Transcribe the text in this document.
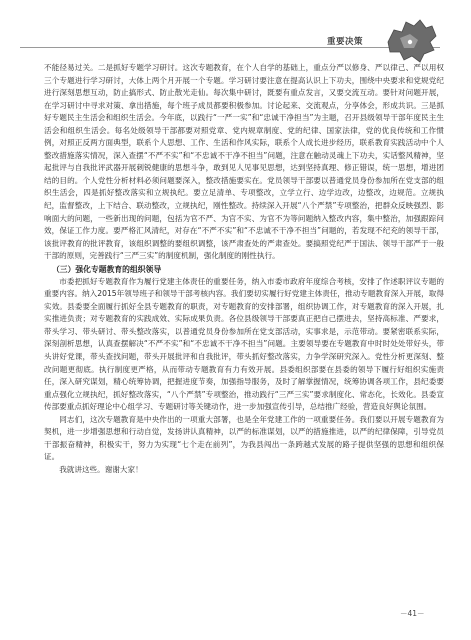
重要决策

不能径易过关。二是抓好专题学习研讨。这次专题教育，在个人自学的基础上，重点分严以修身、严以律己、严以用权三个专题进行学习研讨，大体上两个月开展一个专题。学习研讨要注意在提高认识上下功夫，围绕中央要求和党规党纪进行深刻思想互动，防止搞形式、防止散光走仙。每次集中研讨，既要有重点发言，又要交流互动。要针对问题开展，在学习研讨中寻求对策、拿出措施，每个班子成员都要积极参加。讨论起来、交流观点，分享体会，形成共识。三是抓好专题民主生活会和组织生活会。今年底，以践行“一严一实”和“忠诚干净担当”为主题，召开县级领导干部年度民主生活会和组织生活会。每名处级领导干部都要对照党章、党内规章制度、党的纪律、国家法律，党的优良传统和工作惯例，对照正反两方面典型，联系个人思想、工作、生活和作风实际，联系个人成长进步经历，联系教育实践活动中个人整改措施落实情况，深入查摆“不严不实”和“不忠诚不干净不担当”问题，注意在触动灵魂上下功夫，实话整风精神，坚起批评与自我批评武器开展刺锐健康的思想斗争，敢到见人见事见思想，达到坚持真理、修正错误，统一思想，增进团结的目的。个人党性分析材料必须问题要深入，整改措施要实在。党员领导干部要以普通党员身份参加所在党支部的组织生活会，四是抓好整改落实和立规执纪。要立足清单、专项整改，立学立行、边学边改，边整改，边规范。立规执纪，监督整改，上下结合、联动整改，立规执纪，刚性整改。持续深入开展“八个严禁”专项整治，把群众反映强烈、影响面大的问题，一些新出现的问题，包括为官不严、为官不实、为官不为等问题纳入整改内容，集中整治，加强跟踪问效，保证工作力度。要严格汇风清纪，对存在“不严不实”和“不忠诚不干净不担当”问题的，若发现不纪充的领导干部，该批评教育的批评教育，该组织调整的要组织调整，该严肃查处的严肃查处。要搞照党纪严于国法、领导干部严于一般干部的原则，完善践行“三严三实”的制度机制，强化制度的刚性执行。

（三）强化专题教育的组织领导

市委把抓好专题教育作为履行党建主体责任的重要任务，纳入市委市政府年度综合考核，安排了作述职评议专题的重要内容。纳入2015年领导班子和领导干部考核内容。我们要切实履行好党建主体责任，推动专题教育深入开展，取得实效。县委要全面履行抓好全县专题教育的职责，对专题教育的安排部署，组织协调工作，对专题教育的深入开展，扎实推进负责；对专题教育的实践成效、实际成果负责。各位县级领导干部要真正把自己摆进去，坚持高标准、严要求，带头学习、带头研讨、带头整改落实，以普通党员身份参加所在党支部活动，实事求是，示范带动。要紧密联系实际，深刻剖析思想，认真查摆解决“不严不实”和“不忠诚不干净不担当”问题。主要领导要在专题教育中时时处处带好头，带头讲好党课，带头查找问题，带头开展批评和自我批评，带头抓好整改落实，力争学深研究深入。党性分析更深刻、整改问题更彻底。执行制度更严格，从而带动专题教育有力有效开展。县委组织部要在县委的领导下履行好组织实施责任，深入研究谋划，精心统筹协调，把握进度节奏，加强指导服务，及时了解掌握情况，统筹协调各项工作，县纪委要重点强化立规执纪，抓好整改落实，“八个严禁”专项整治，推动践行“三严三实”要求制度化、常态化，长效化。县委宣传部要重点抓好理论中心组学习、专题研讨等关键动作，进一步加强宣传引导，总结推广经验，营造良好舆论氛围。

同志们，这次专题教育是中央作出的一项重大部署，也是全年党建工作的一项重要任务。我们要以开展专题教育为契机，进一步增强思想和行动自觉，发扬讲认真精神，以严的标准谋划，以严的措施推进，以严的纪律保障，引导党员干部振奋精神，积极实干，努力为实现“七个走在前列”，为我县闯出一条跨越式发展的路子提供坚强的思想和组织保证。

我就讲这些。谢谢大家！

－41－
